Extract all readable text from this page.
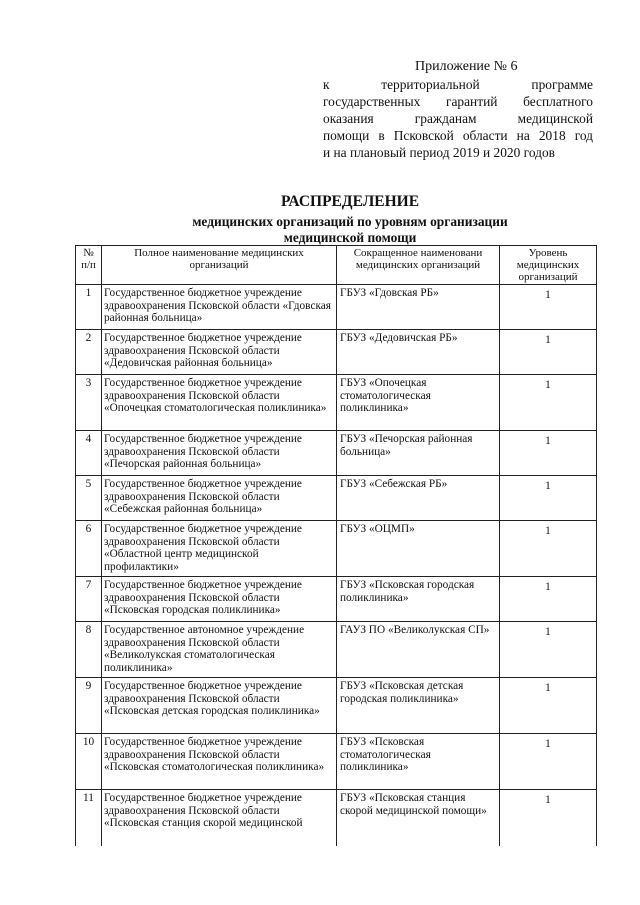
Приложение № 6
к территориальной программе
государственных гарантий бесплатного
оказания гражданам медицинской
помощи в Псковской области на 2018 год
и на плановый период 2019 и 2020 годов
РАСПРЕДЕЛЕНИЕ
медицинских организаций по уровням организации
медицинской помощи
№ п/п	Полное наименование медицинских организаций	Сокращенное наименовани медицинских организаций	Уровень медицинских организаций
1	Государственное бюджетное учреждение здравоохранения Псковской области «Гдовская районная больница»	ГБУЗ «Гдовская РБ»	1
2	Государственное бюджетное учреждение здравоохранения Псковской области «Дедовичская районная больница»	ГБУЗ «Дедовичская РБ»	1
3	Государственное бюджетное учреждение здравоохранения Псковской области «Опочецкая стоматологическая поликлиника»	ГБУЗ «Опочецкая стоматологическая поликлиника»	1
4	Государственное бюджетное учреждение здравоохранения Псковской области «Печорская районная больница»	ГБУЗ «Печорская районная больница»	1
5	Государственное бюджетное учреждение здравоохранения Псковской области «Себежская районная больница»	ГБУЗ «Себежская РБ»	1
6	Государственное бюджетное учреждение здравоохранения Псковской области «Областной центр медицинской профилактики»	ГБУЗ «ОЦМП»	1
7	Государственное бюджетное учреждение здравоохранения Псковской области «Псковская городская поликлиника»	ГБУЗ «Псковская городская поликлиника»	1
8	Государственное автономное учреждение здравоохранения Псковской области «Великолукская стоматологическая поликлиника»	ГАУЗ ПО «Великолукская СП»	1
9	Государственное бюджетное учреждение здравоохранения Псковской области «Псковская детская городская поликлиника»	ГБУЗ «Псковская детская городская поликлиника»	1
10	Государственное бюджетное учреждение здравоохранения Псковской области «Псковская стоматологическая поликлиника»	ГБУЗ «Псковская стоматологическая поликлиника»	1
11	Государственное бюджетное учреждение здравоохранения Псковской области «Псковская станция скорой медицинской	ГБУЗ «Псковская станция скорой медицинской помощи»	1
